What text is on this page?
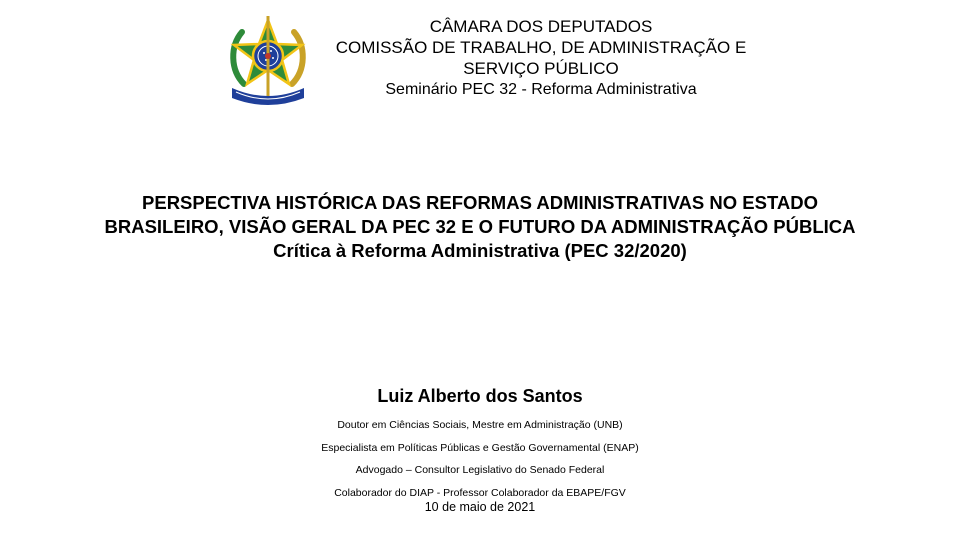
CÂMARA DOS DEPUTADOS
COMISSÃO DE TRABALHO, DE ADMINISTRAÇÃO E SERVIÇO PÚBLICO
Seminário PEC 32 - Reforma Administrativa
PERSPECTIVA HISTÓRICA DAS REFORMAS ADMINISTRATIVAS NO ESTADO BRASILEIRO, VISÃO GERAL DA PEC 32 E O FUTURO DA ADMINISTRAÇÃO PÚBLICA
Crítica à Reforma Administrativa (PEC 32/2020)
Luiz Alberto dos Santos
Doutor em Ciências Sociais, Mestre em Administração (UNB)
Especialista em Políticas Públicas e Gestão Governamental (ENAP)
Advogado – Consultor Legislativo do Senado Federal
Colaborador do DIAP - Professor Colaborador da EBAPE/FGV
10 de maio de 2021
